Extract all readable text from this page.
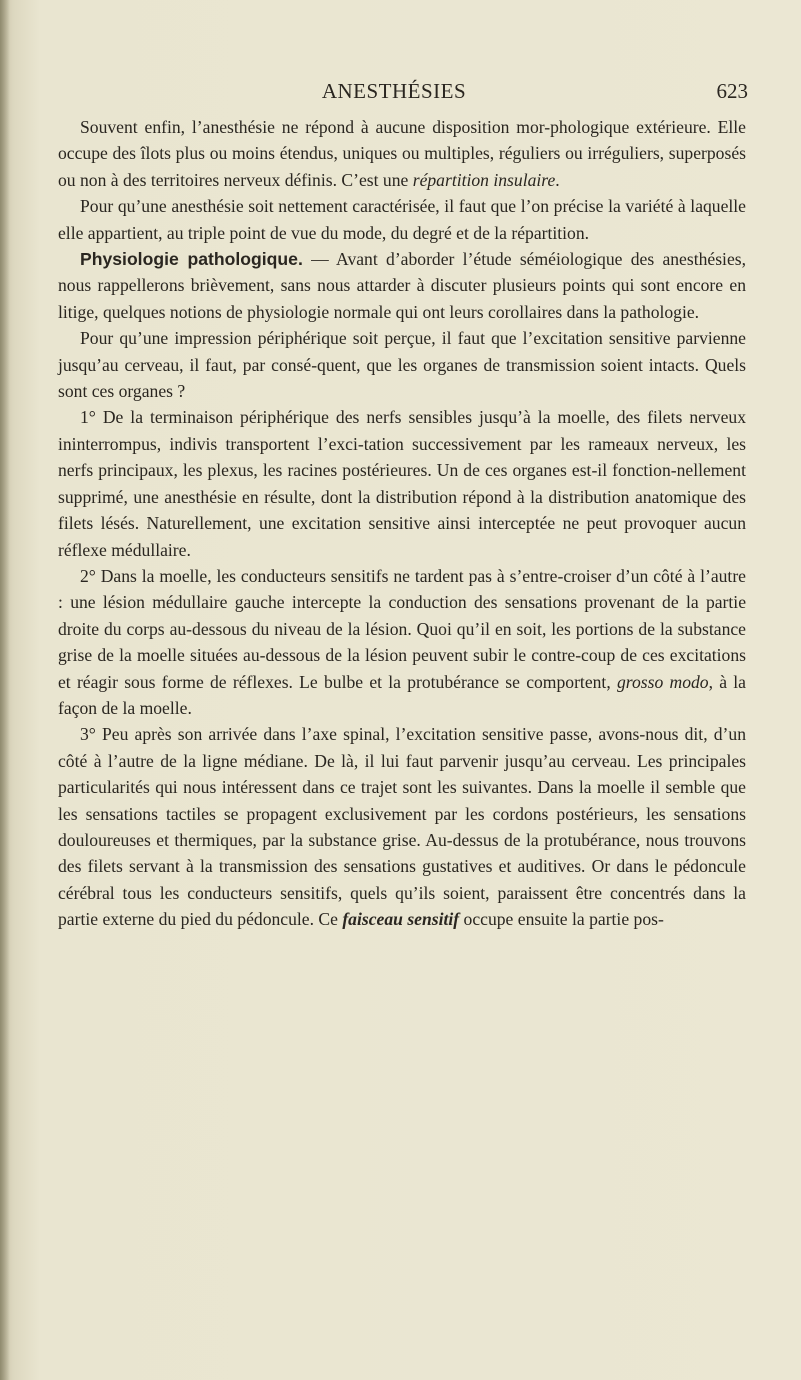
ANESTHÉSIES	623

Souvent enfin, l’anesthésie ne répond à aucune disposition mor-phologique extérieure. Elle occupe des îlots plus ou moins étendus, uniques ou multiples, réguliers ou irréguliers, superposés ou non à des territoires nerveux définis. C’est une répartition insulaire.

Pour qu’une anesthésie soit nettement caractérisée, il faut que l’on précise la variété à laquelle elle appartient, au triple point de vue du mode, du degré et de la répartition.

Physiologie pathologique. — Avant d’aborder l’étude séméiologique des anesthésies, nous rappellerons brièvement, sans nous attarder à discuter plusieurs points qui sont encore en litige, quelques notions de physiologie normale qui ont leurs corollaires dans la pathologie.

Pour qu’une impression périphérique soit perçue, il faut que l’excitation sensitive parvienne jusqu’au cerveau, il faut, par consé-quent, que les organes de transmission soient intacts. Quels sont ces organes ?

1° De la terminaison périphérique des nerfs sensibles jusqu’à la moelle, des filets nerveux ininterrompus, indivis transportent l’exci-tation successivement par les rameaux nerveux, les nerfs principaux, les plexus, les racines postérieures. Un de ces organes est-il fonction-nellement supprimé, une anesthésie en résulte, dont la distribution répond à la distribution anatomique des filets lésés. Naturellement, une excitation sensitive ainsi interceptée ne peut provoquer aucun réflexe médullaire.

2° Dans la moelle, les conducteurs sensitifs ne tardent pas à s’entre-croiser d’un côté à l’autre : une lésion médullaire gauche intercepte la conduction des sensations provenant de la partie droite du corps au-dessous du niveau de la lésion. Quoi qu’il en soit, les portions de la substance grise de la moelle situées au-dessous de la lésion peuvent subir le contre-coup de ces excitations et réagir sous forme de réflexes. Le bulbe et la protubérance se comportent, grosso modo, à la façon de la moelle.

3° Peu après son arrivée dans l’axe spinal, l’excitation sensitive passe, avons-nous dit, d’un côté à l’autre de la ligne médiane. De là, il lui faut parvenir jusqu’au cerveau. Les principales particularités qui nous intéressent dans ce trajet sont les suivantes. Dans la moelle il semble que les sensations tactiles se propagent exclusivement par les cordons postérieurs, les sensations douloureuses et thermiques, par la substance grise. Au-dessus de la protubérance, nous trouvons des filets servant à la transmission des sensations gustatives et auditives. Or dans le pédoncule cérébral tous les conducteurs sensitifs, quels qu’ils soient, paraissent être concentrés dans la partie externe du pied du pédoncule. Ce faisceau sensitif occupe ensuite la partie pos-
